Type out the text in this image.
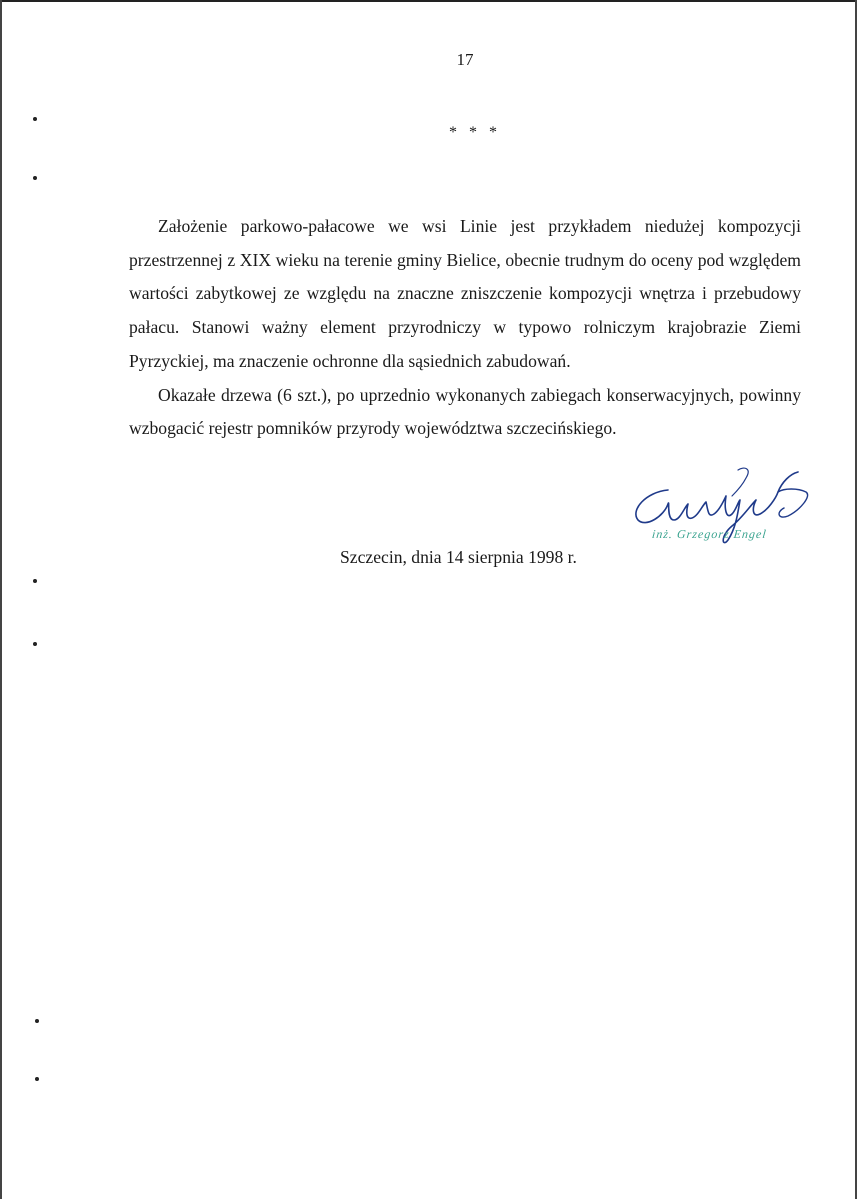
17
* * *

Założenie parkowo-pałacowe we wsi Linie jest przykładem niedużej kompozycji przestrzennej z XIX wieku na terenie gminy Bielice, obecnie trudnym do oceny pod względem wartości zabytkowej ze względu na znaczne zniszczenie kompozycji wnętrza i przebudowy pałacu. Stanowi ważny element przyrodniczy w typowo rolniczym krajobrazie Ziemi Pyrzyckiej, ma znaczenie ochronne dla sąsiednich zabudowań.

Okazałe drzewa (6 szt.), po uprzednio wykonanych zabiegach konserwacyjnych, powinny wzbogacić rejestr pomników przyrody województwa szczecińskiego.

inż. Grzegorz Engel
Szczecin, dnia 14 sierpnia 1998 r.
